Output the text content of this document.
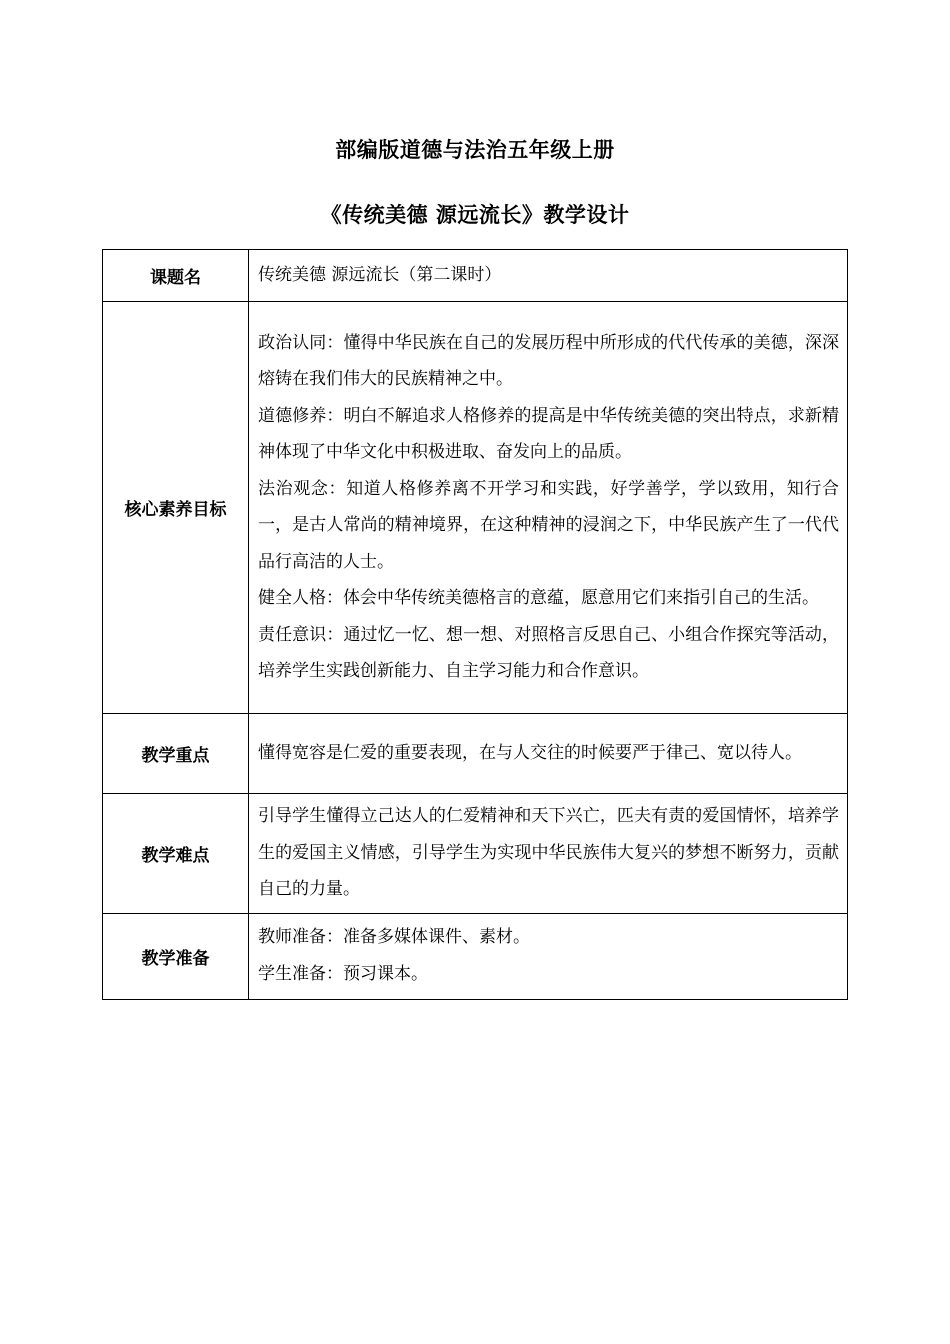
部编版道德与法治五年级上册
《传统美德 源远流长》教学设计
课题名	传统美德 源远流长（第二课时）

核心素养目标	政治认同：懂得中华民族在自己的发展历程中所形成的代代传承的美德，深深熔铸在我们伟大的民族精神之中。

道德修养：明白不解追求人格修养的提高是中华传统美德的突出特点，求新精神体现了中华文化中积极进取、奋发向上的品质。

法治观念：知道人格修养离不开学习和实践，好学善学，学以致用，知行合一，是古人常尚的精神境界，在这种精神的浸润之下，中华民族产生了一代代品行高洁的人士。

健全人格：体会中华传统美德格言的意蕴，愿意用它们来指引自己的生活。

责任意识：通过忆一忆、想一想、对照格言反思自己、小组合作探究等活动，培养学生实践创新能力、自主学习能力和合作意识。

教学重点	懂得宽容是仁爱的重要表现，在与人交往的时候要严于律己、宽以待人。

教学难点	引导学生懂得立己达人的仁爱精神和天下兴亡，匹夫有责的爱国情怀，培养学生的爱国主义情感，引导学生为实现中华民族伟大复兴的梦想不断努力，贡献自己的力量。

教学准备	教师准备：准备多媒体课件、素材。

学生准备：预习课本。
